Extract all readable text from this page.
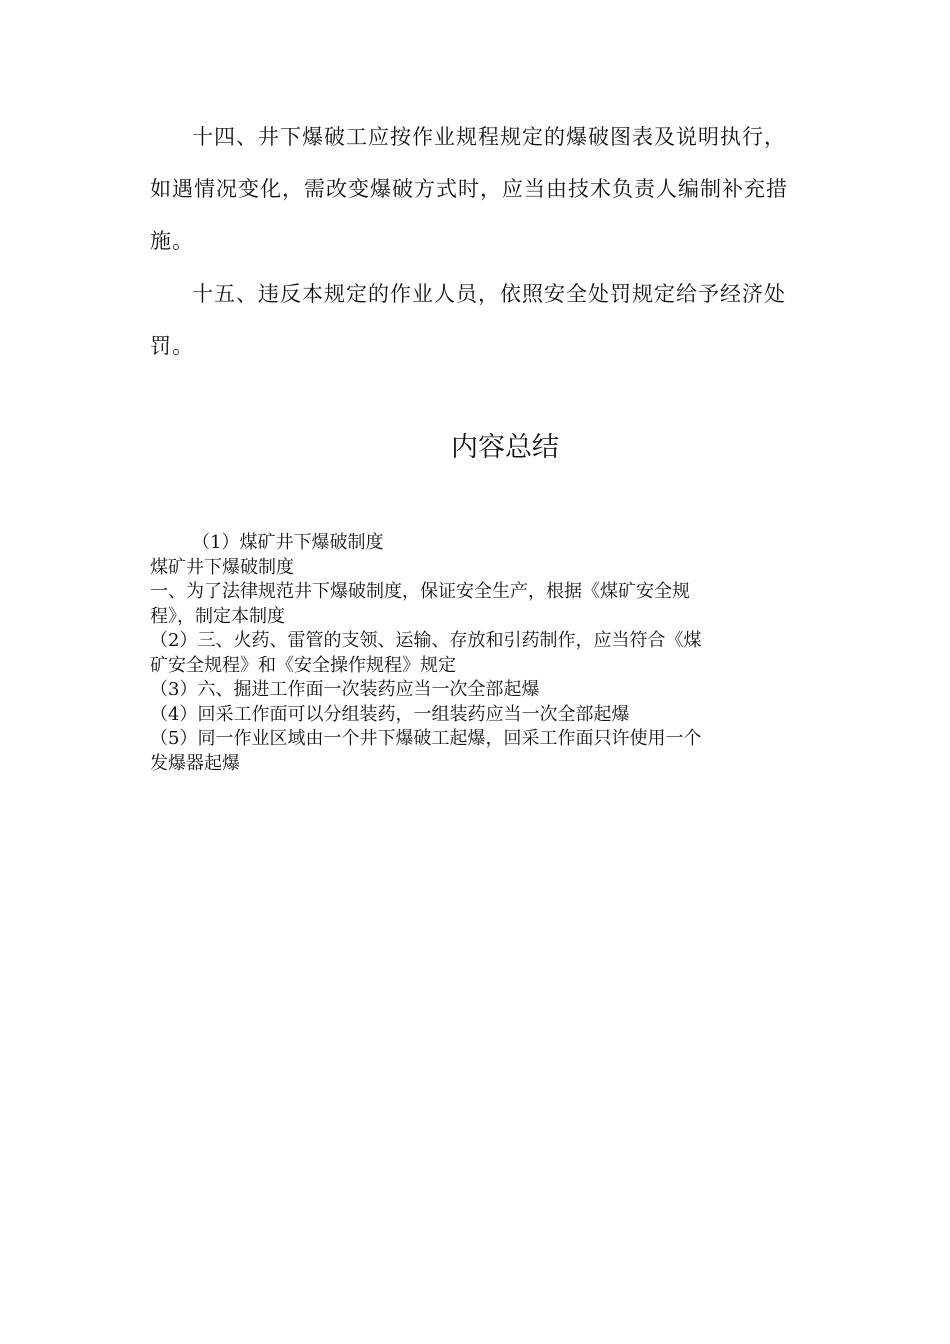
十四、井下爆破工应按作业规程规定的爆破图表及说明执行，如遇情况变化，需改变爆破方式时，应当由技术负责人编制补充措施。

十五、违反本规定的作业人员，依照安全处罚规定给予经济处罚。

内容总结
（1）煤矿井下爆破制度
煤矿井下爆破制度
一、为了法律规范井下爆破制度，保证安全生产，根据《煤矿安全规
程》，制定本制度
（2）三、火药、雷管的支领、运输、存放和引药制作，应当符合《煤
矿安全规程》和《安全操作规程》规定
（3）六、掘进工作面一次装药应当一次全部起爆
（4）回采工作面可以分组装药，一组装药应当一次全部起爆
（5）同一作业区域由一个井下爆破工起爆，回采工作面只许使用一个
发爆器起爆
